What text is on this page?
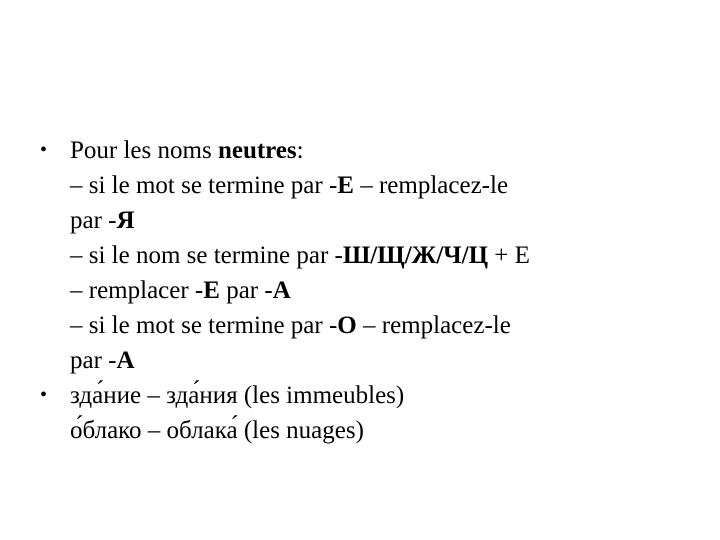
• Pour les noms neutres:
– si le mot se termine par -E – remplacez-le
par -Я
– si le nom se termine par -Ш/Щ/Ж/Ч/Ц + E
– remplacer -E par -A
– si le mot se termine par -O – remplacez-le
par -A
• зда́ние – зда́ния (les immeubles)
о́блако – облака́ (les nuages)
